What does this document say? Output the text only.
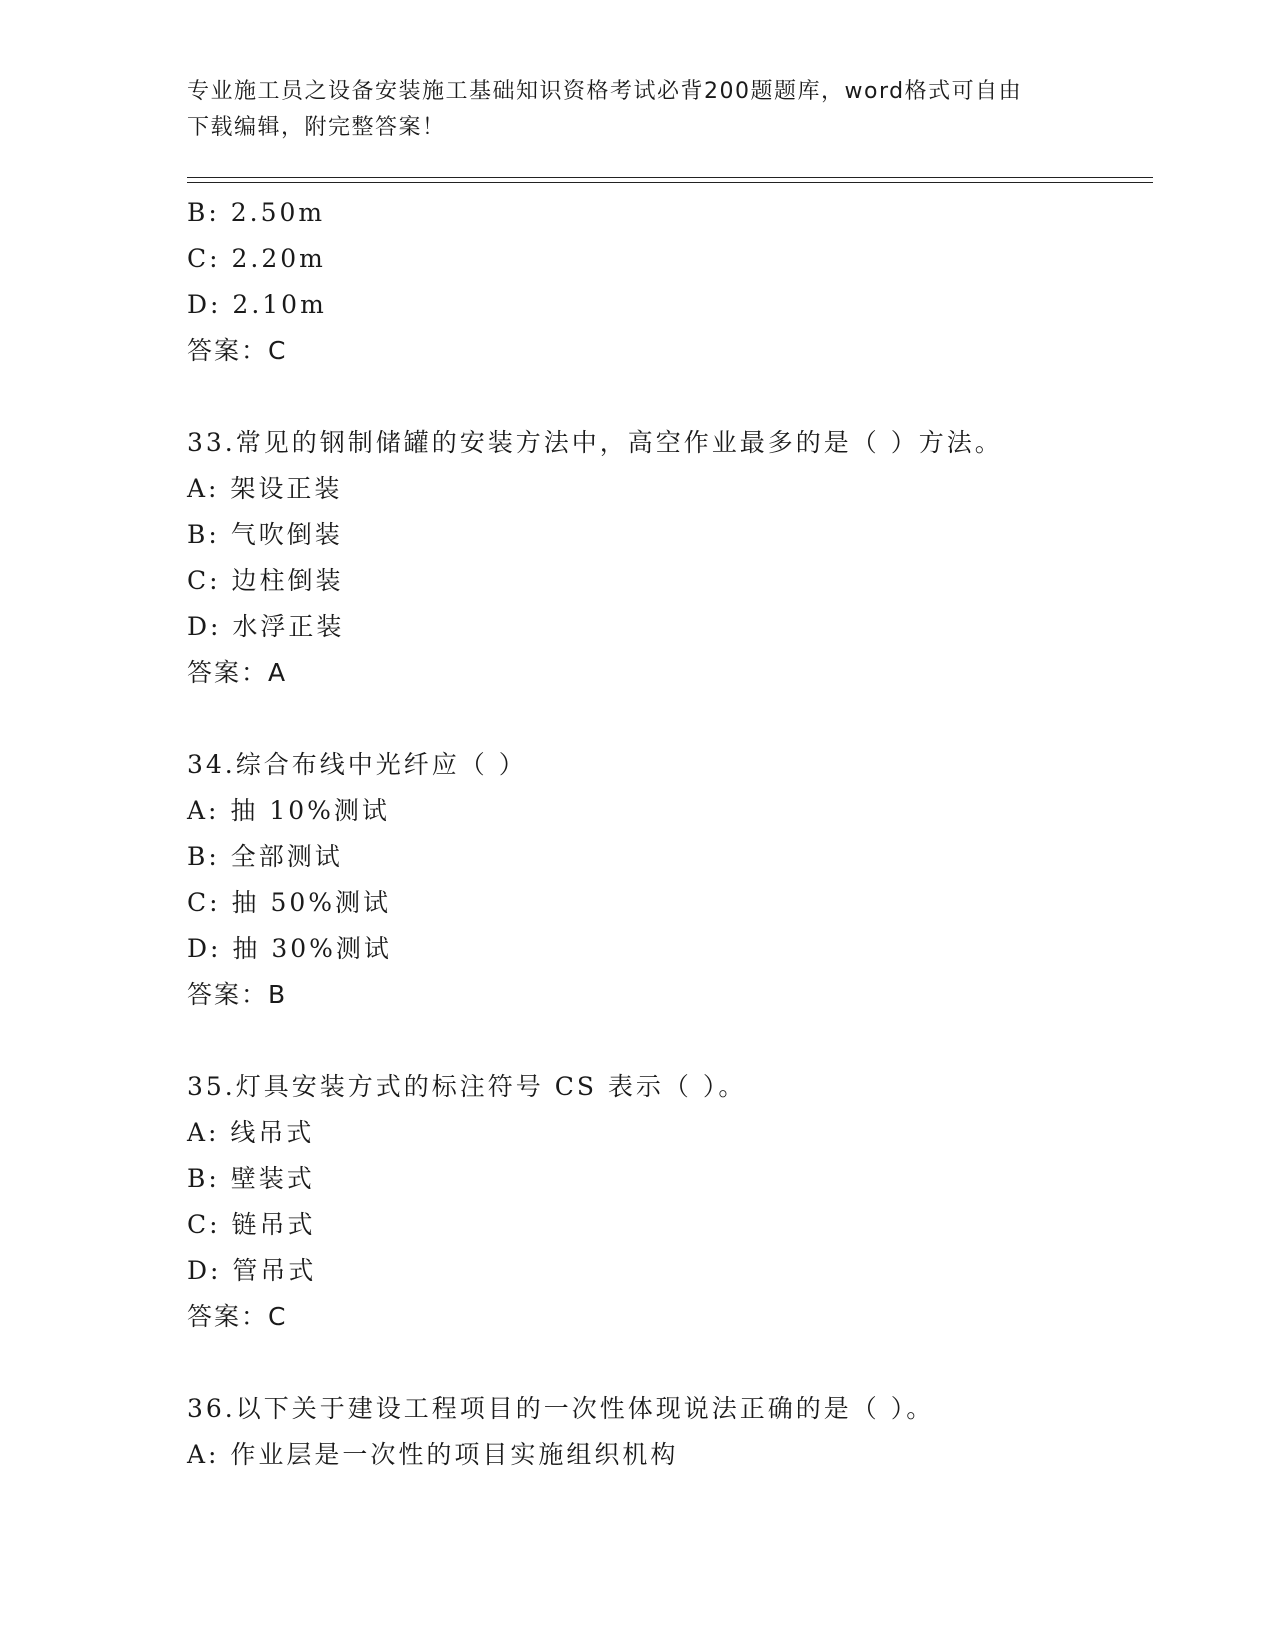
专业施工员之设备安装施工基础知识资格考试必背200题题库，word格式可自由
下载编辑，附完整答案！
B: 2.50m
C: 2.20m
D: 2.10m
答案：C
33.常见的钢制储罐的安装方法中，高空作业最多的是（ ）方法。
A: 架设正装
B: 气吹倒装
C: 边柱倒装
D: 水浮正装
答案：A
34.综合布线中光纤应（ ）
A: 抽 10%测试
B: 全部测试
C: 抽 50%测试
D: 抽 30%测试
答案：B
35.灯具安装方式的标注符号 CS 表示（ ）。
A: 线吊式
B: 壁装式
C: 链吊式
D: 管吊式
答案：C
36.以下关于建设工程项目的一次性体现说法正确的是（ ）。
A: 作业层是一次性的项目实施组织机构
